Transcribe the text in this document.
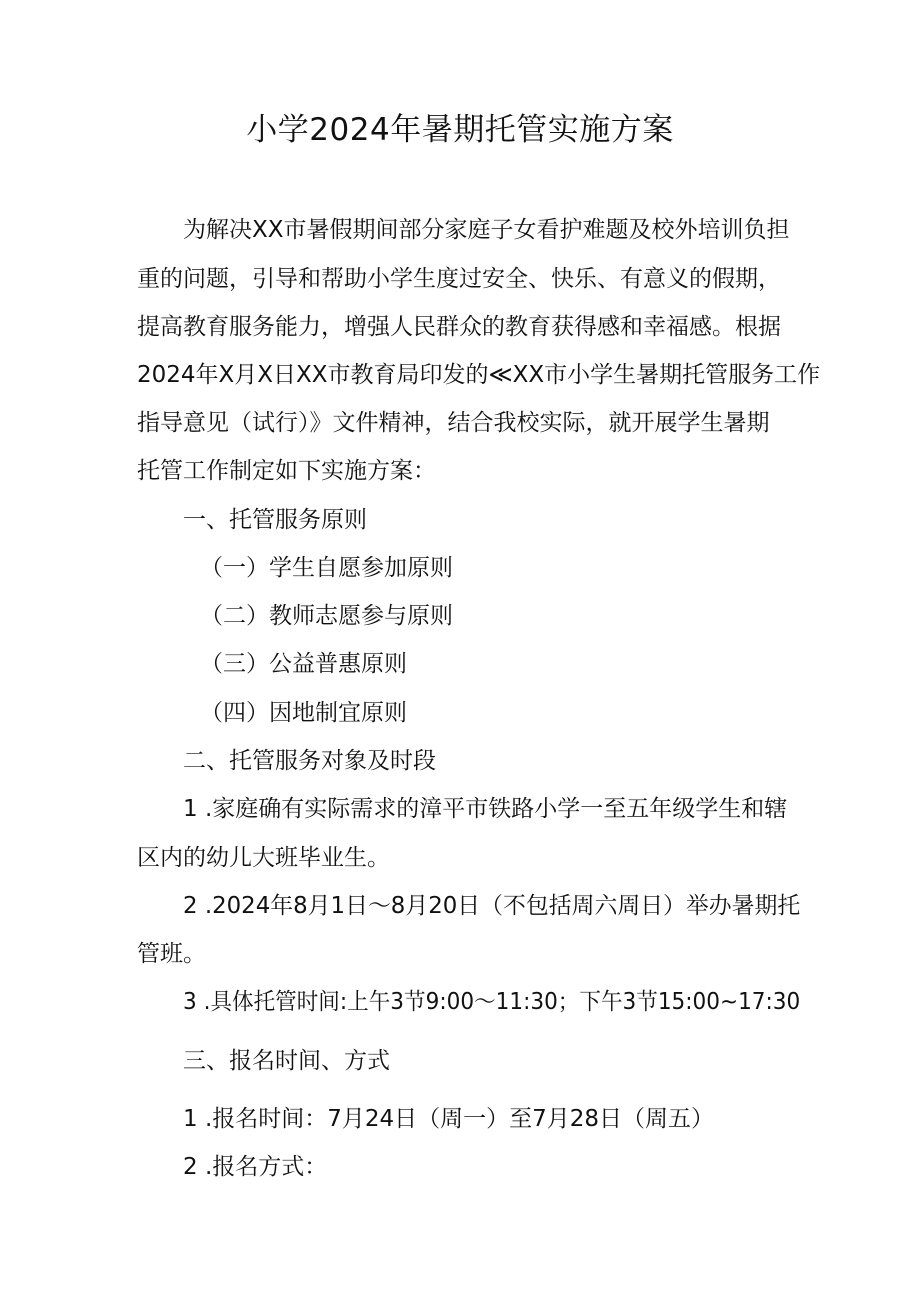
小学2024年暑期托管实施方案

为解决XX市暑假期间部分家庭子女看护难题及校外培训负担

重的问题，引导和帮助小学生度过安全、快乐、有意义的假期，

提高教育服务能力，增强人民群众的教育获得感和幸福感。根据

2024年X月X日XX市教育局印发的≪XX市小学生暑期托管服务工作

指导意见（试行）》文件精神，结合我校实际，就开展学生暑期

托管工作制定如下实施方案：

一、托管服务原则

（一）学生自愿参加原则

（二）教师志愿参与原则

（三）公益普惠原则

（四）因地制宜原则

二、托管服务对象及时段

1 .家庭确有实际需求的漳平市铁路小学一至五年级学生和辖

区内的幼儿大班毕业生。

2 .2024年8月1日〜8月20日（不包括周六周日）举办暑期托

管班。

3 .具体托管时间:上午3节9:00～11:30；下午3节15:00~17:30

三、报名时间、方式

1 .报名时间：7月24日（周一）至7月28日（周五）

2 .报名方式：
